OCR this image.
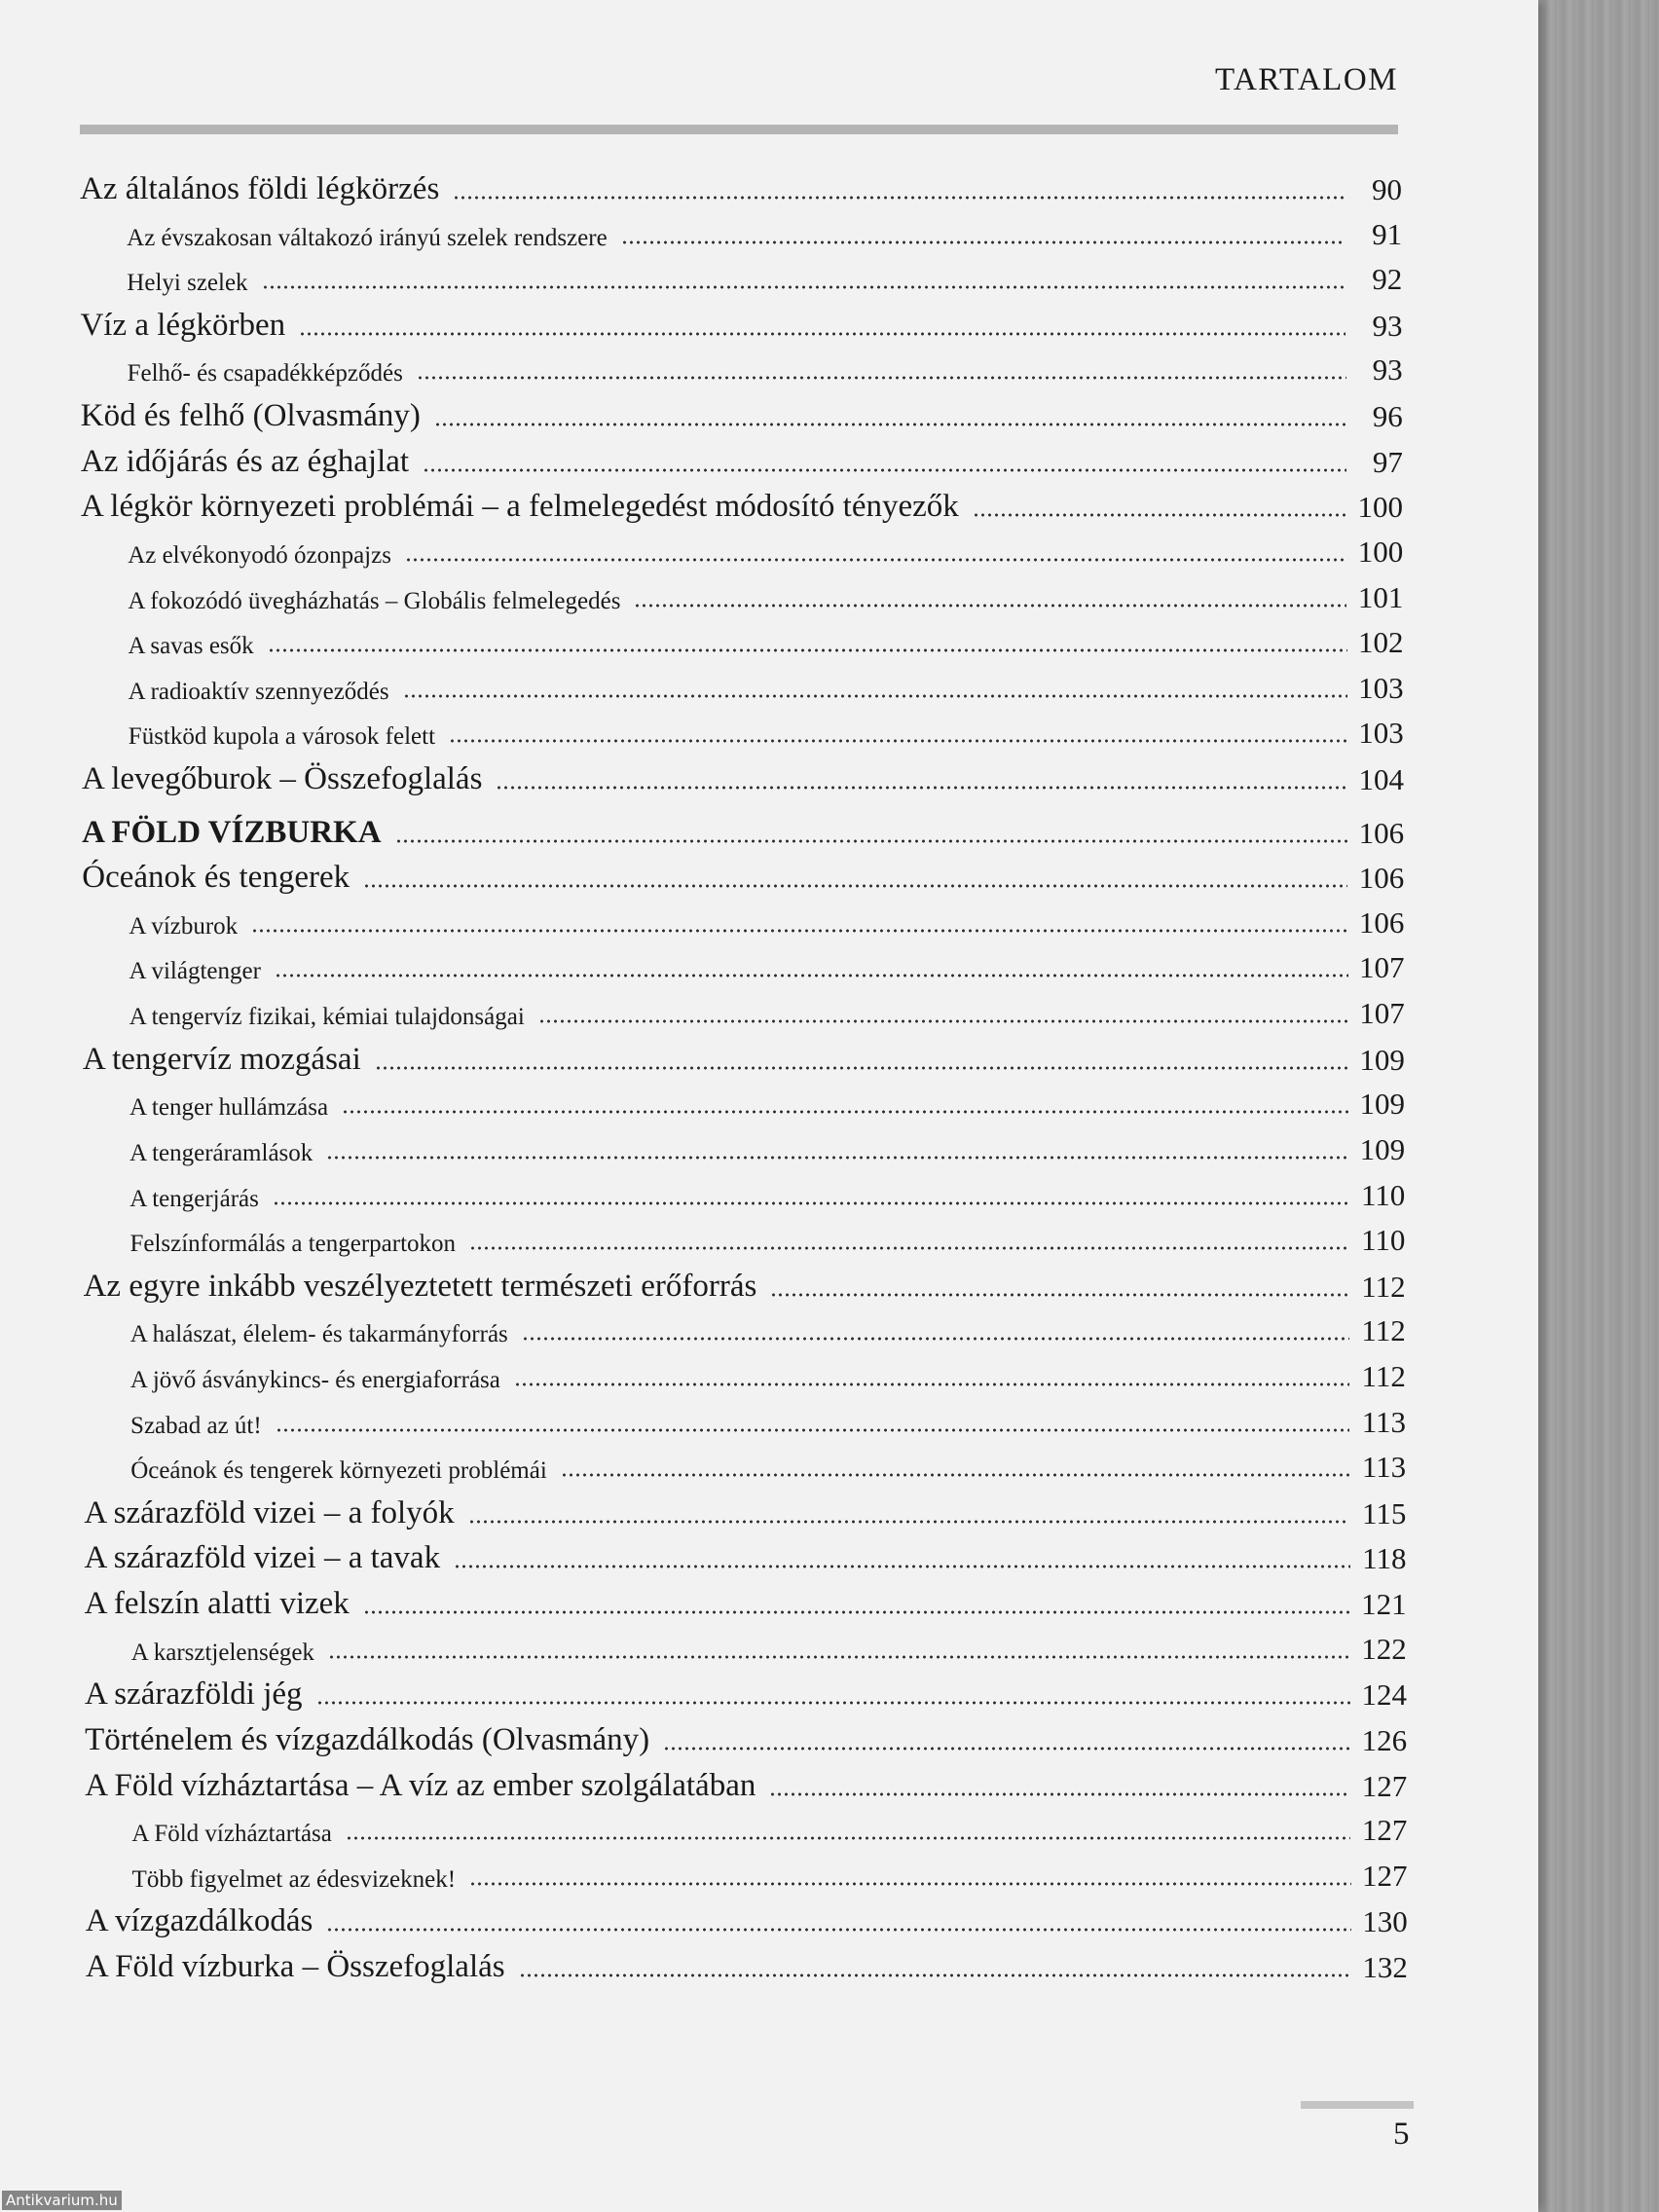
TARTALOM
Az általános földi légkörzés	90
Az évszakosan váltakozó irányú szelek rendszere	91
Helyi szelek	92
Víz a légkörben	93
Felhő- és csapadékképződés	93
Köd és felhő (Olvasmány)	96
Az időjárás és az éghajlat	97
A légkör környezeti problémái – a felmelegedést módosító tényezők	100
Az elvékonyodó ózonpajzs	100
A fokozódó üvegházhatás – Globális felmelegedés	101
A savas esők	102
A radioaktív szennyeződés	103
Füstköd kupola a városok felett	103
A levegőburok – Összefoglalás	104
A FÖLD VÍZBURKA	106
Óceánok és tengerek	106
A vízburok	106
A világtenger	107
A tengervíz fizikai, kémiai tulajdonságai	107
A tengervíz mozgásai	109
A tenger hullámzása	109
A tengeráramlások	109
A tengerjárás	110
Felszínformálás a tengerpartokon	110
Az egyre inkább veszélyeztetett természeti erőforrás	112
A halászat, élelem- és takarmányforrás	112
A jövő ásványkincs- és energiaforrása	112
Szabad az út!	113
Óceánok és tengerek környezeti problémái	113
A szárazföld vizei – a folyók	115
A szárazföld vizei – a tavak	118
A felszín alatti vizek	121
A karsztjelenségek	122
A szárazföldi jég	124
Történelem és vízgazdálkodás (Olvasmány)	126
A Föld vízháztartása – A víz az ember szolgálatában	127
A Föld vízháztartása	127
Több figyelmet az édesvizeknek!	127
A vízgazdálkodás	130
A Föld vízburka – Összefoglalás	132
5
Antikvarium.hu
